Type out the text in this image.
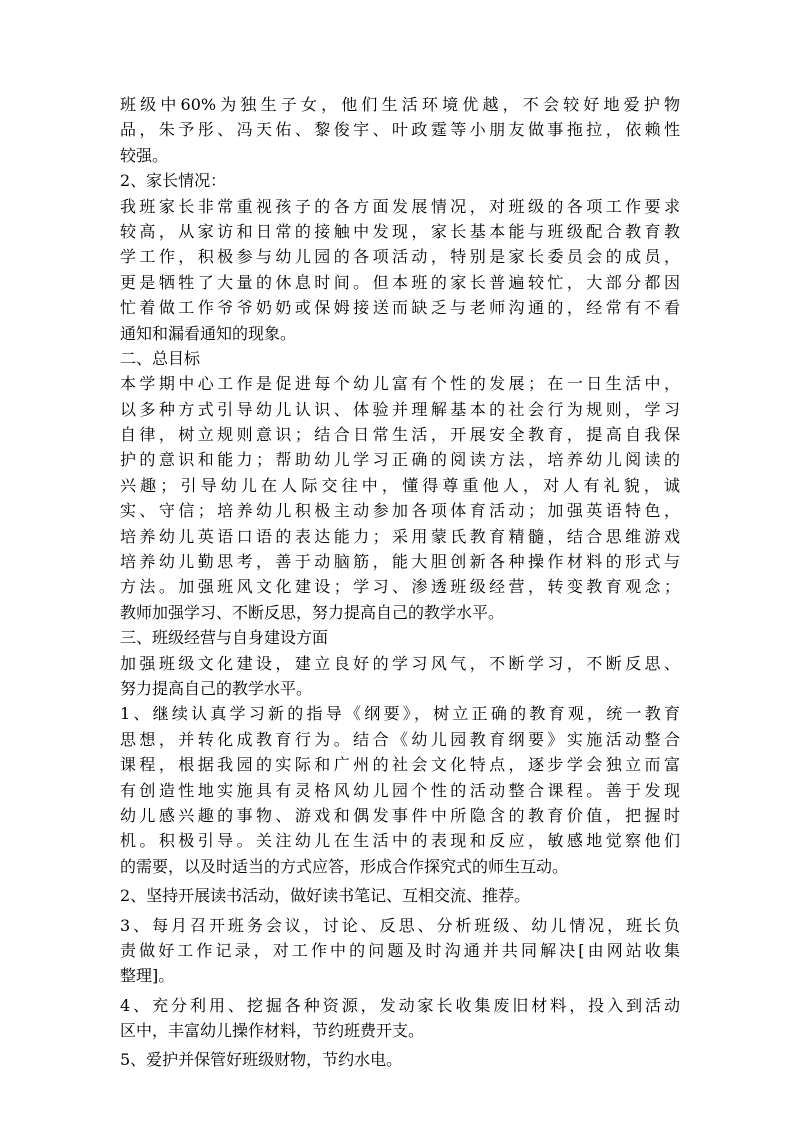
班级中60%为独生子女，他们生活环境优越，不会较好地爱护物
品，朱予彤、冯天佑、黎俊宇、叶政霆等小朋友做事拖拉，依赖性
较强。
2、家长情况：
我班家长非常重视孩子的各方面发展情况，对班级的各项工作要求
较高，从家访和日常的接触中发现，家长基本能与班级配合教育教
学工作，积极参与幼儿园的各项活动，特别是家长委员会的成员，
更是牺牲了大量的休息时间。但本班的家长普遍较忙，大部分都因
忙着做工作爷爷奶奶或保姆接送而缺乏与老师沟通的，经常有不看
通知和漏看通知的现象。
二、总目标
本学期中心工作是促进每个幼儿富有个性的发展；在一日生活中，
以多种方式引导幼儿认识、体验并理解基本的社会行为规则，学习
自律，树立规则意识；结合日常生活，开展安全教育，提高自我保
护的意识和能力；帮助幼儿学习正确的阅读方法，培养幼儿阅读的
兴趣；引导幼儿在人际交往中，懂得尊重他人，对人有礼貌，诚
实、守信；培养幼儿积极主动参加各项体育活动；加强英语特色，
培养幼儿英语口语的表达能力；采用蒙氏教育精髓，结合思维游戏
培养幼儿勤思考，善于动脑筋，能大胆创新各种操作材料的形式与
方法。加强班风文化建设；学习、渗透班级经营，转变教育观念；
教师加强学习、不断反思，努力提高自己的教学水平。
三、班级经营与自身建设方面
加强班级文化建设，建立良好的学习风气，不断学习，不断反思、
努力提高自己的教学水平。
1、继续认真学习新的指导《纲要》，树立正确的教育观，统一教育
思想，并转化成教育行为。结合《幼儿园教育纲要》实施活动整合
课程，根据我园的实际和广州的社会文化特点，逐步学会独立而富
有创造性地实施具有灵格风幼儿园个性的活动整合课程。善于发现
幼儿感兴趣的事物、游戏和偶发事件中所隐含的教育价值，把握时
机。积极引导。关注幼儿在生活中的表现和反应，敏感地觉察他们
的需要，以及时适当的方式应答，形成合作探究式的师生互动。
2、坚持开展读书活动，做好读书笔记、互相交流、推荐。
3、每月召开班务会议，讨论、反思、分析班级、幼儿情况，班长负
责做好工作记录，对工作中的问题及时沟通并共同解决[由网站收集
整理]。
4、充分利用、挖掘各种资源，发动家长收集废旧材料，投入到活动
区中，丰富幼儿操作材料，节约班费开支。
5、爱护并保管好班级财物，节约水电。
